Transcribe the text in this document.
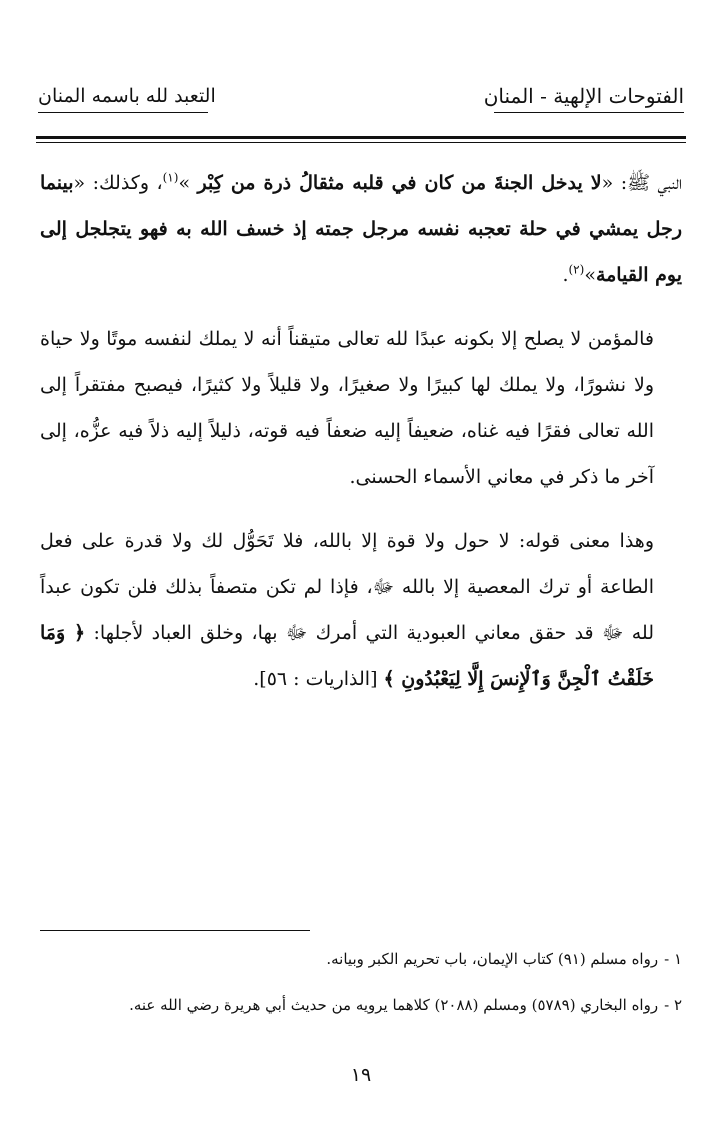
الفتوحات الإلهية - المنان
التعبد لله باسمه المنان

النبي ﷺ: «لا يدخل الجنةَ من كان في قلبه مثقالُ ذرة من كِبْر »$^{(١)}$، وكذلك: «بينما رجل يمشي في حلة تعجبه نفسه مرجل جمته إذ خسف الله به فهو يتجلجل إلى يوم القيامة»$^{(٢)}$.

فالمؤمن لا يصلح إلا بكونه عبدًا لله تعالى متيقناً أنه لا يملك لنفسه موتًا ولا حياة ولا نشورًا، ولا يملك لها كبيرًا ولا صغيرًا، ولا قليلاً ولا كثيرًا، فيصبح مفتقراً إلى الله تعالى فقرًا فيه غناه، ضعيفاً إليه ضعفاً فيه قوته، ذليلاً إليه ذلاً فيه عزُّه، إلى آخر ما ذكر في معاني الأسماء الحسنى.

وهذا معنى قوله: لا حول ولا قوة إلا بالله، فلا تَحَوُّل لك ولا قدرة على فعل الطاعة أو ترك المعصية إلا بالله ﷻ، فإذا لم تكن متصفاً بذلك فلن تكون عبداً لله ﷻ قد حقق معاني العبودية التي أمرك ﷻ بها، وخلق العباد لأجلها: ﴿ وَمَا خَلَقْتُ ٱلْجِنَّ وَٱلْإِنسَ إِلَّا لِيَعْبُدُونِ ﴾ [الذاريات : ٥٦].

١ -رواه مسلم (٩١) كتاب الإيمان، باب تحريم الكبر وبيانه.

٢ -رواه البخاري (٥٧٨٩) ومسلم (٢٠٨٨) كلاهما يرويه من حديث أبي هريرة رضي الله عنه.

١٩
